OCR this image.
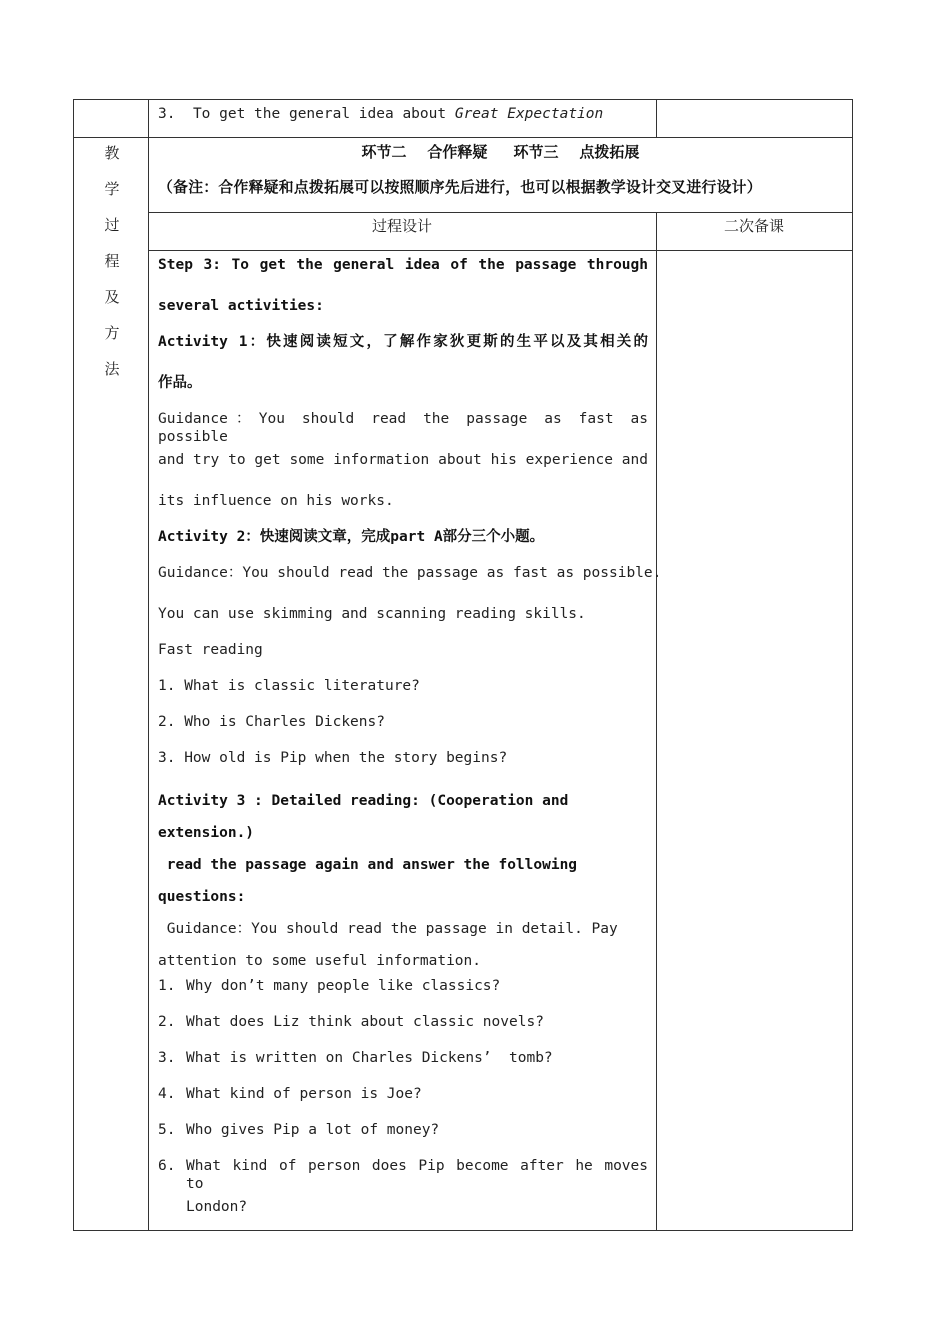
3. To get the general idea about Great Expectation
教
学
过
程
及
方
法
环节二    合作释疑     环节三    点拨拓展
（备注：合作释疑和点拨拓展可以按照顺序先后进行，也可以根据教学设计交叉进行设计）
过程设计	二次备课
Step 3: To get the general idea of the passage through
several activities:
Activity 1：快速阅读短文，了解作家狄更斯的生平以及其相关的
作品。
Guidance：You should read the passage as fast as possible
and try to get some information about his experience and
its influence on his works.
Activity 2：快速阅读文章，完成part A部分三个小题。
Guidance：You should read the passage as fast as possible.
You can use skimming and scanning reading skills.
Fast reading
1. What is classic literature?
2. Who is Charles Dickens?
3. How old is Pip when the story begins?
Activity 3 : Detailed reading: (Cooperation and
extension.)
read the passage again and answer the following
questions:
Guidance：You should read the passage in detail. Pay
attention to some useful information.
1. Why don’t many people like classics?
2. What does Liz think about classic novels?
3. What is written on Charles Dickens’  tomb?
4. What kind of person is Joe?
5. Who gives Pip a lot of money?
6. What kind of person does Pip become after he moves to
London?
